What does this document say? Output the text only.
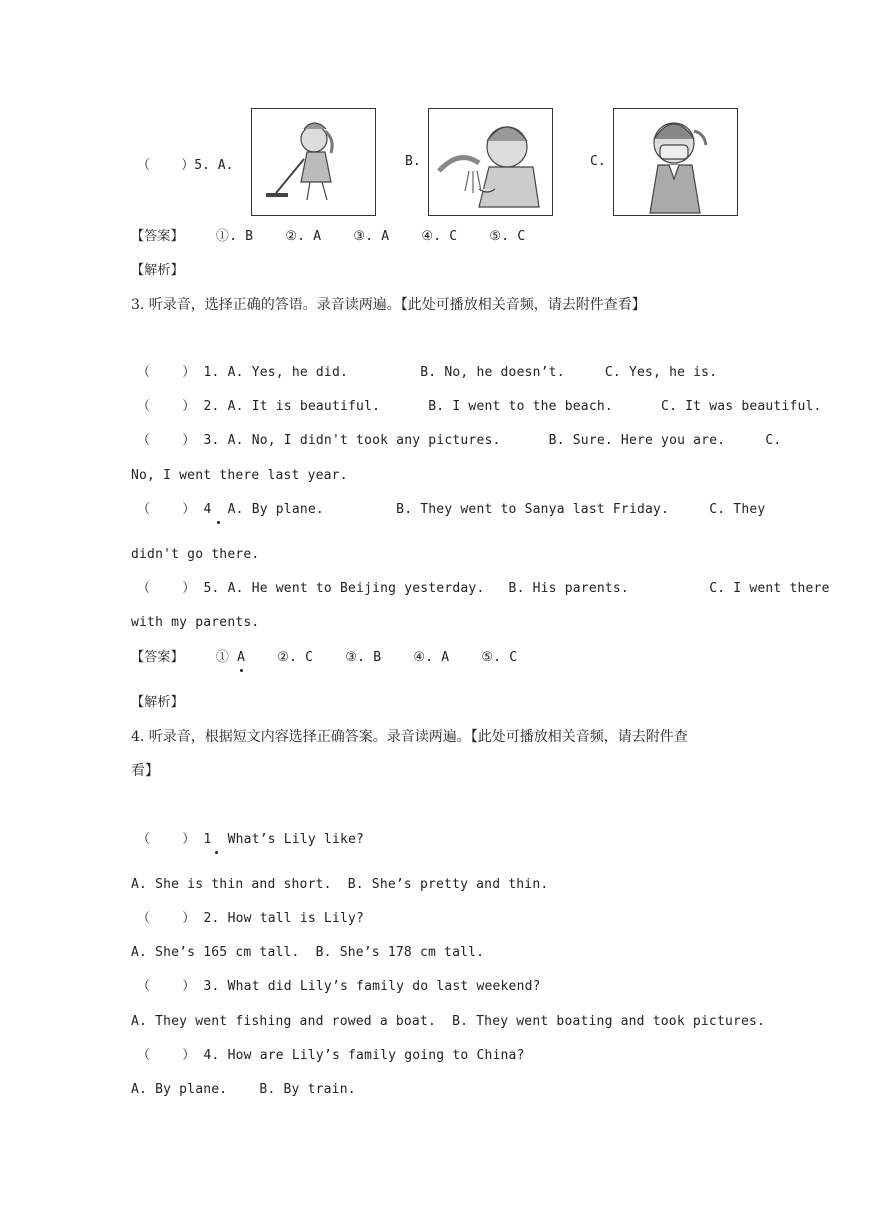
（    ）5. A.	B.	C.
【答案】    ①. B    ②. A    ③. A    ④. C    ⑤. C
【解析】
3. 听录音，选择正确的答语。录音读两遍。【此处可播放相关音频，请去附件查看】
（    ） 1. A. Yes, he did.         B. No, he doesn’t.     C. Yes, he is.
（    ） 2. A. It is beautiful.      B. I went to the beach.      C. It was beautiful.
（    ） 3. A. No, I didn't took any pictures.      B. Sure. Here you are.     C.
No, I went there last year.
（    ） 4  A. By plane.         B. They went to Sanya last Friday.     C. They
didn't go there.
（    ） 5. A. He went to Beijing yesterday.   B. His parents.          C. I went there
with my parents.
【答案】    ① A    ②. C    ③. B    ④. A    ⑤. C
【解析】
4. 听录音，根据短文内容选择正确答案。录音读两遍。【此处可播放相关音频，请去附件查
看】
（    ） 1  What’s Lily like?
A. She is thin and short.  B. She’s pretty and thin.
（    ） 2. How tall is Lily?
A. She’s 165 cm tall.  B. She’s 178 cm tall.
（    ） 3. What did Lily’s family do last weekend?
A. They went fishing and rowed a boat.  B. They went boating and took pictures.
（    ） 4. How are Lily’s family going to China?
A. By plane.    B. By train.
